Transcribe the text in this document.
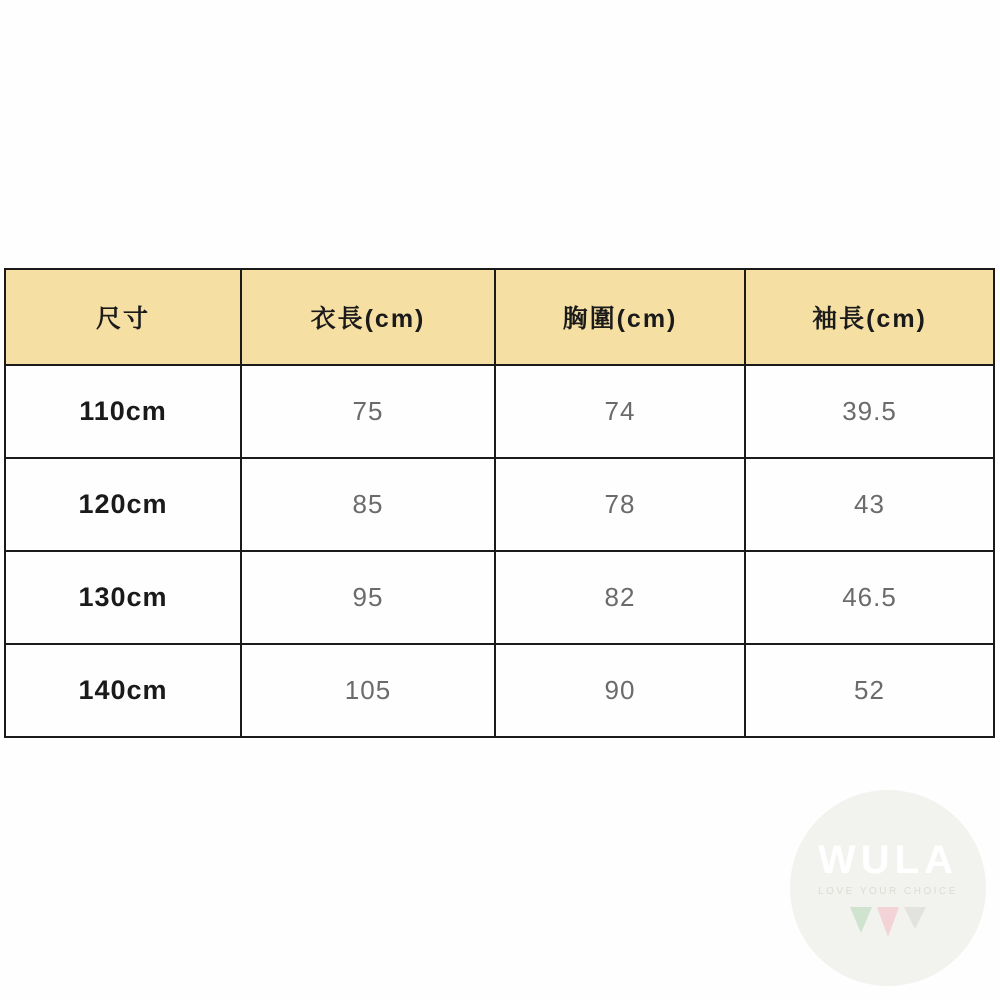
尺寸	衣長(cm)	胸圍(cm)	袖長(cm)
110cm	75	74	39.5
120cm	85	78	43
130cm	95	82	46.5
140cm	105	90	52
WULA
LOVE YOUR CHOICE
